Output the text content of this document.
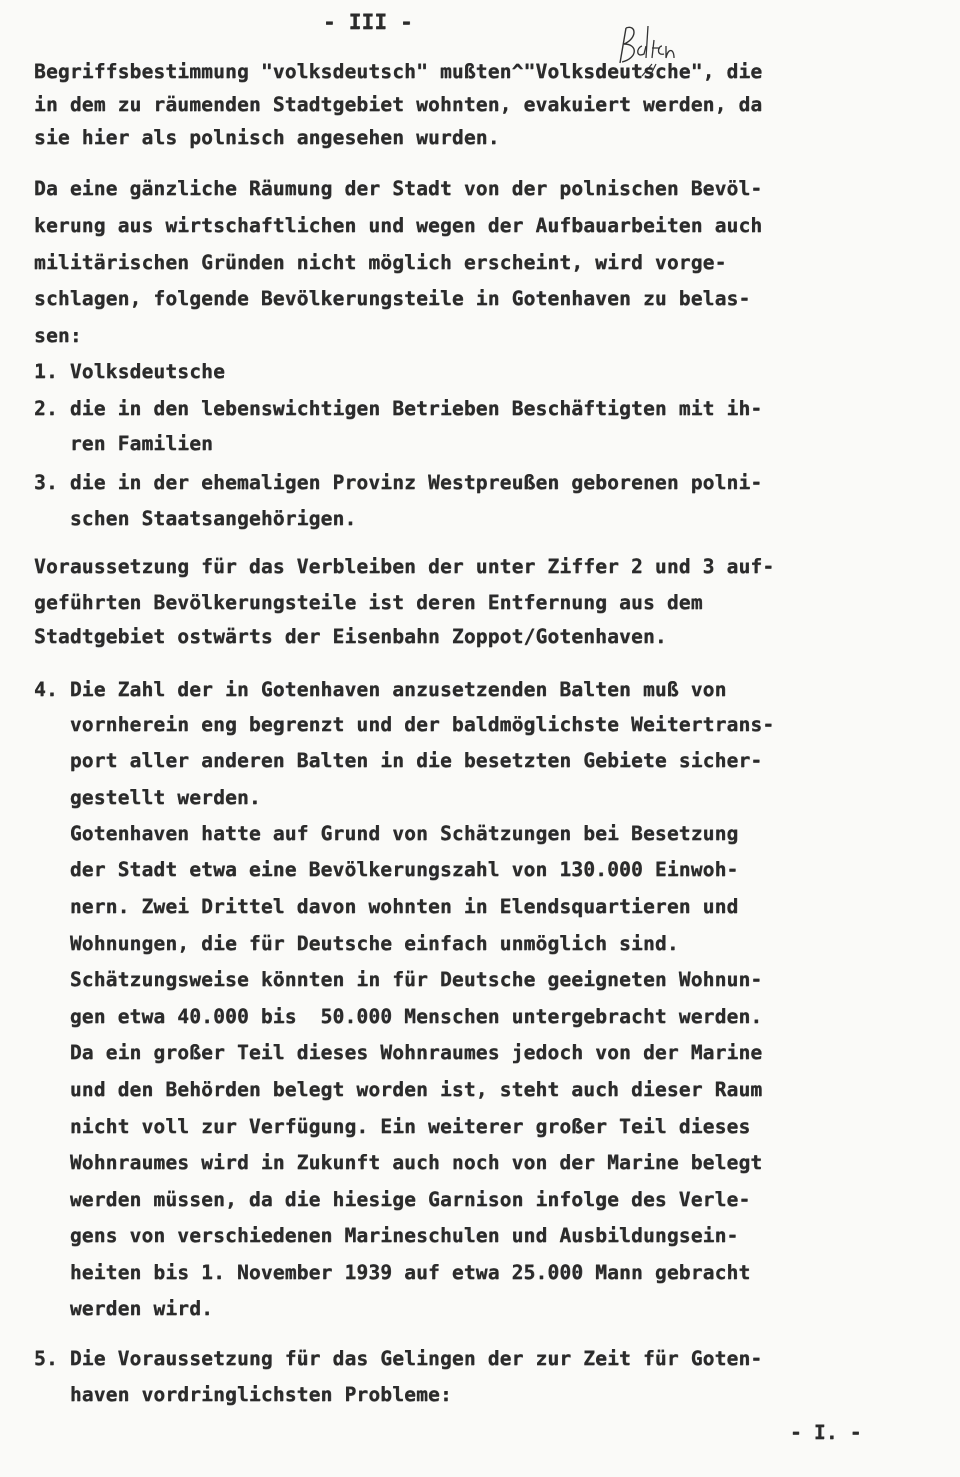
- III -
Begriffsbestimmung "volksdeutsch" mußten^"Volksdeutsche", die
in dem zu räumenden Stadtgebiet wohnten, evakuiert werden, da
sie hier als polnisch angesehen wurden.
Da eine gänzliche Räumung der Stadt von der polnischen Bevöl-
kerung aus wirtschaftlichen und wegen der Aufbauarbeiten auch
militärischen Gründen nicht möglich erscheint, wird vorge-
schlagen, folgende Bevölkerungsteile in Gotenhaven zu belas-
sen:
1. Volksdeutsche
2. die in den lebenswichtigen Betrieben Beschäftigten mit ih-
ren Familien
3. die in der ehemaligen Provinz Westpreußen geborenen polni-
schen Staatsangehörigen.
Voraussetzung für das Verbleiben der unter Ziffer 2 und 3 auf-
geführten Bevölkerungsteile ist deren Entfernung aus dem
Stadtgebiet ostwärts der Eisenbahn Zoppot/Gotenhaven.
4. Die Zahl der in Gotenhaven anzusetzenden Balten muß von
vornherein eng begrenzt und der baldmöglichste Weitertrans-
port aller anderen Balten in die besetzten Gebiete sicher-
gestellt werden.
Gotenhaven hatte auf Grund von Schätzungen bei Besetzung
der Stadt etwa eine Bevölkerungszahl von 130.000 Einwoh-
nern. Zwei Drittel davon wohnten in Elendsquartieren und
Wohnungen, die für Deutsche einfach unmöglich sind.
Schätzungsweise könnten in für Deutsche geeigneten Wohnun-
gen etwa 40.000 bis  50.000 Menschen untergebracht werden.
Da ein großer Teil dieses Wohnraumes jedoch von der Marine
und den Behörden belegt worden ist, steht auch dieser Raum
nicht voll zur Verfügung. Ein weiterer großer Teil dieses
Wohnraumes wird in Zukunft auch noch von der Marine belegt
werden müssen, da die hiesige Garnison infolge des Verle-
gens von verschiedenen Marineschulen und Ausbildungsein-
heiten bis 1. November 1939 auf etwa 25.000 Mann gebracht
werden wird.
5. Die Voraussetzung für das Gelingen der zur Zeit für Goten-
haven vordringlichsten Probleme:
- I. -
